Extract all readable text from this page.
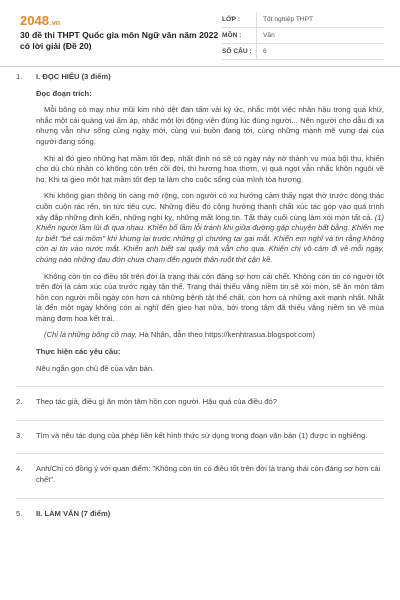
2048.vn
30 đề thi THPT Quốc gia môn Ngữ văn năm 2022 có lời giải (Đề 20)
LỚP :	Tốt nghiệp THPT
MÔN :	Văn
SỐ CÂU :	6
1.	I. ĐỌC HIỂU (3 điểm)
Đọc đoạn trích:
Mỗi bông cỏ may như mũi kim nhỏ dệt đan tấm vải ký ức, nhắc một việc nhân hậu trong quá khứ, nhắc một cái quàng vai ấm áp, nhắc một lời động viên đúng lúc đúng người... Nên người cho dẫu đi xa nhưng vẫn như sống cùng ngày mới, cùng vui buồn đang tới, cùng những mạnh mẽ vụng dại của người đang sống.
Khi ai đó gieo những hạt mầm tốt đẹp, nhất định nó sẽ có ngày nảy nở thành vụ mùa bội thu, khiến cho dù chủ nhân có không còn trên cõi đời, thì hương hoa thơm, vị quả ngọt vẫn nhắc khôn nguôi về họ. Khi ta gieo một hạt mầm tốt đẹp ta làm cho cuộc sống của mình tỏa hương.
Khi không gian thông tin càng mở rộng, con người có xu hướng cảm thấy ngạt thở trước dòng thác cuồn cuộn rác rến, tin tức tiêu cực. Những điều đó cộng hưởng thành chất xúc tác góp vào quá trình xây đắp những định kiến, những nghi kỵ, những mất lòng tin. Tất thảy cuối cùng làm xói mòn tất cả. (1) Khiến người lầm lũi đi qua nhau. Khiến bố lầm lỗi tránh khi giữa đường gặp chuyện bất bằng. Khiến mẹ tự biết "bé cái mồm" khi khựng lại trước những gì chướng tai gai mắt. Khiến em nghĩ và tin rằng không còn ai tin vào nước mắt. Khiến anh biết sai quấy mà vẫn cho qua. Khiến chị vô cảm đi về mỗi ngày, chúng nào những đau đớn chưa chạm đến người thân ruột thịt cận kề.
Không còn tin có điều tốt trên đời là trạng thái còn đáng sợ hơn cái chết. Không còn tin có người tốt trên đời là cảm xúc của trước ngày tận thế. Trạng thái thiếu vắng niềm tin sẽ xói mòn, sẽ ăn mòn tâm hồn con người mỗi ngày còn hơn cả những bệnh tật thể chất, còn hơn cả những axit mạnh nhất. Nhất là đến một ngày không còn ai nghĩ đến gieo hạt nữa, bởi trong tâm đã thiếu vắng niềm tin về mùa màng đơm hoa kết trái.
(Chỉ là những bông cỏ may, Hà Nhân, dẫn theo https://kenhtrasua.blogspot.com)
Thực hiện các yêu cầu:
Nêu ngắn gọn chủ đề của văn bản.
2.	Theo tác giả, điều gì ăn mòn tâm hồn con người. Hậu quả của điều đó?
3.	Tìm và nêu tác dụng của phép liên kết hình thức sử dụng trong đoạn văn bản (1) được in nghiêng.
4.	Anh/Chị có đồng ý với quan điểm: "Không còn tin có điều tốt trên đời là trạng thái còn đáng sợ hơn cái chết".
5.	II. LÀM VĂN (7 điểm)
